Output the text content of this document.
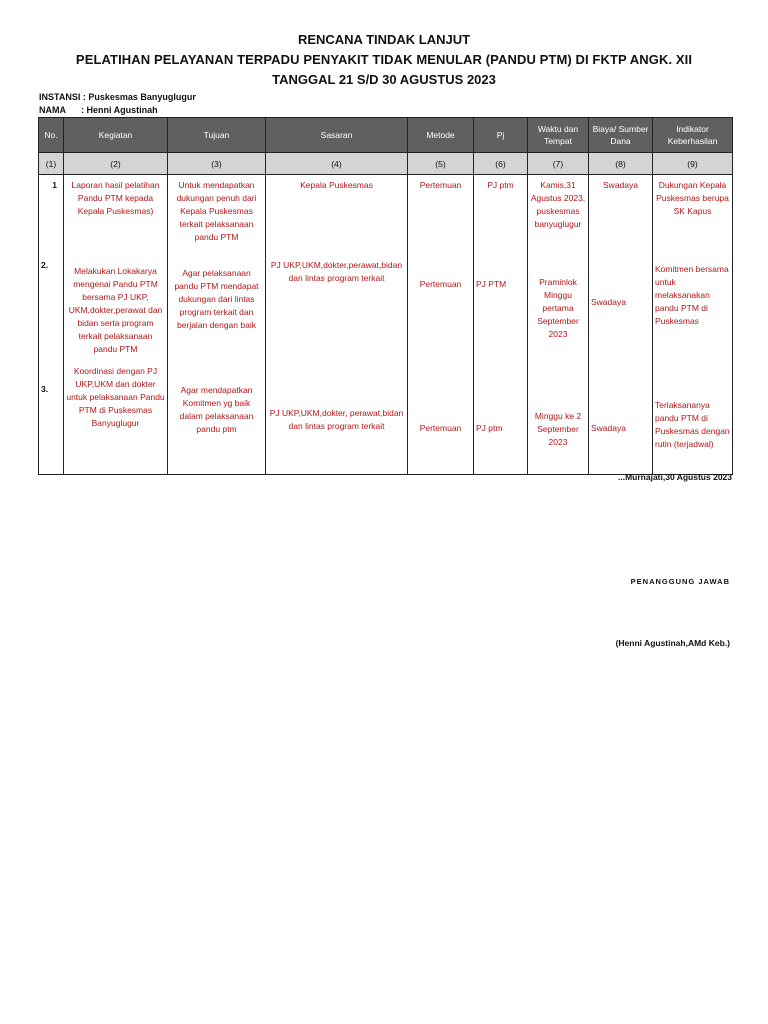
RENCANA TINDAK LANJUT
PELATIHAN PELAYANAN TERPADU PENYAKIT TIDAK MENULAR (PANDU PTM) DI FKTP ANGK. XII
TANGGAL 21 S/D 30 AGUSTUS 2023
INSTANSI : Puskesmas Banyuglugur
NAMA	: Henni Agustinah
No.	Kegiatan	Tujuan	Sasaran	Metode	Pj	Waktu dan Tempat	Biaya/ Sumber Dana	Indikator Keberhasilan
(1)	(2)	(3)	(4)	(5)	(6)	(7)	(8)	(9)
1	Laporan hasil pelatihan Pandu PTM kepada Kepala Puskesmas)	Untuk mendapatkan dukungan penuh dari Kepala Puskesmas terkait pelaksanaan pandu PTM	Kepala Puskesmas	Pertemuan	PJ ptm	Kamis,31 Agustus 2023, puskesmas banyuglugur	Swadaya	Dukungan Kepala Puskesmas berupa SK Kapus
2.	Melakukan Lokakarya mengenai Pandu PTM bersama PJ UKP, UKM,dokter,perawat dan bidan serta program terkait pelaksanaan pandu PTM	Agar pelaksanaan pandu PTM mendapat dukungan dari lintas program terkait dan berjalan dengan baik	PJ UKP,UKM,dokter,perawat,bidan dan lintas program terkait	Pertemuan	PJ PTM	Praminlok Minggu pertama September 2023	Swadaya	Komitmen bersama untuk melaksanakan pandu PTM di Puskesmas
3.	Koordinasi dengan PJ UKP,UKM dan dokter untuk pelaksanaan Pandu PTM di Puskesmas Banyuglugur	Agar mendapatkan Komitmen yg baik dalam pelaksanaan pandu ptm	PJ UKP,UKM,dokter, perawat,bidan dan lintas program terkait	Pertemuan	PJ ptm	Minggu ke 2 September 2023	Swadaya	Terlaksananya pandu PTM di Puskesmas dengan rutin (terjadwal)
...Murnajati,30 Agustus 2023
PENANGGUNG JAWAB
(Henni Agustinah,AMd Keb.)
